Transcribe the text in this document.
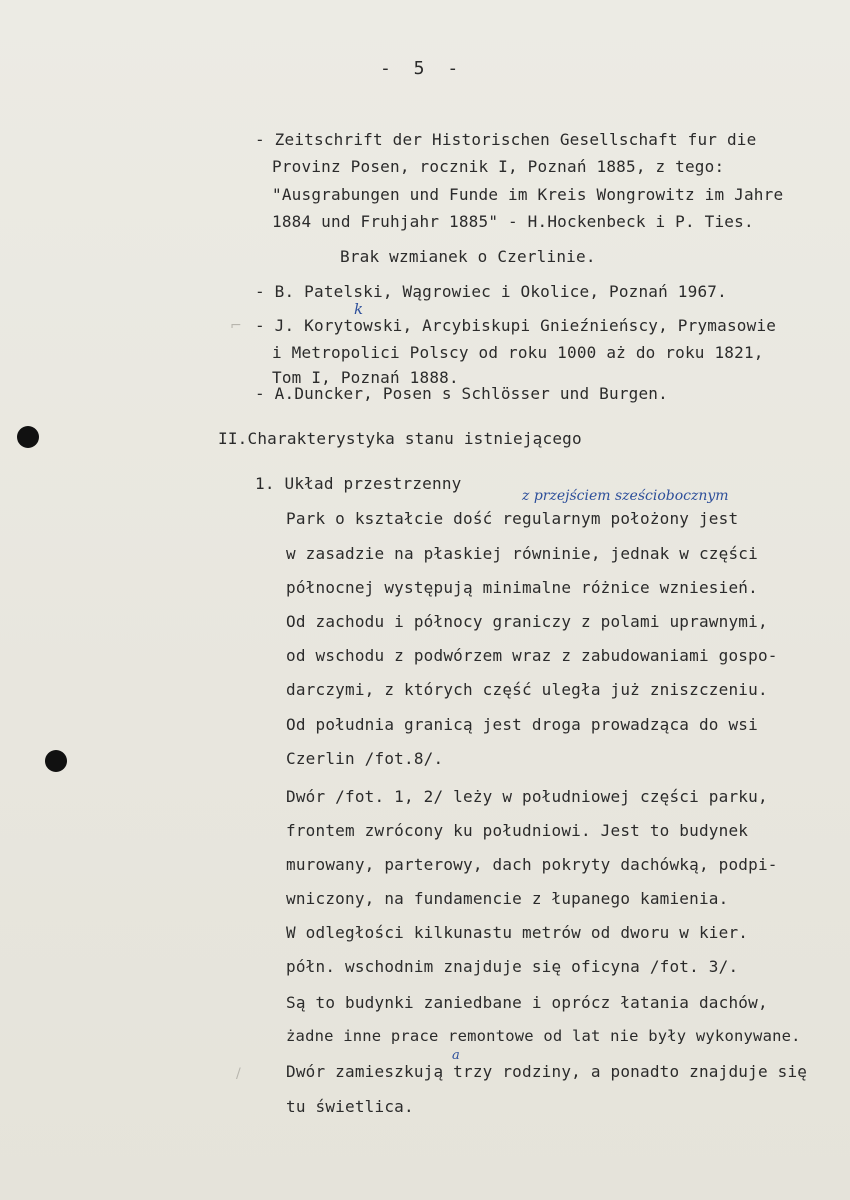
- 5 -
- Zeitschrift der Historischen Gesellschaft fur die
Provinz Posen, rocznik I, Poznań 1885, z tego:
"Ausgrabungen und Funde im Kreis Wongrowitz im Jahre
1884 und Fruhjahr 1885" - H.Hockenbeck i P. Ties.
Brak wzmianek o Czerlinie.
- B. Patelski, Wągrowiec i Okolice, Poznań 1967.
- J. Korytowski, Arcybiskupi Gnieźnieńscy, Prymasowie
i Metropolici Polscy od roku 1000 aż do roku 1821,
Tom I, Poznań 1888.
- A.Duncker, Posen s Schlösser und Burgen.
k
II.Charakterystyka stanu istniejącego
1. Układ przestrzenny
z przejściem sześciobocznym
Park o kształcie dość regularnym położony jest
w zasadzie na płaskiej równinie, jednak w części
północnej występują minimalne różnice wzniesień.
Od zachodu i północy graniczy z polami uprawnymi,
od wschodu z podwórzem wraz z zabudowaniami gospo-
darczymi, z których część uległa już zniszczeniu.
Od południa granicą jest droga prowadząca do wsi
Czerlin /fot.8/.
Dwór /fot. 1, 2/ leży w południowej części parku,
frontem zwrócony ku południowi. Jest to budynek
murowany, parterowy, dach pokryty dachówką, podpi-
wniczony, na fundamencie z łupanego kamienia.
W odległości kilkunastu metrów od dworu w kier.
półn. wschodnim znajduje się oficyna /fot. 3/.
Są to budynki zaniedbane i oprócz łatania dachów,
żadne inne prace remontowe od lat nie były wykonywane.
Dwór zamieszkują trzy rodziny, a ponadto znajduje się
tu świetlica.
a
⌐
/
